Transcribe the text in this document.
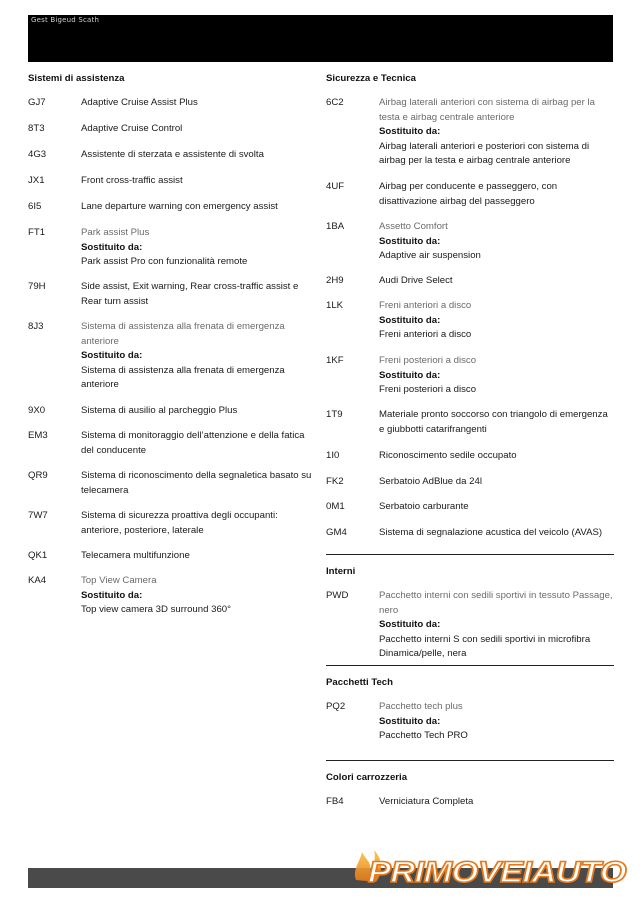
Gest Bigeud Scath
Sistemi di assistenza
GJ7	Adaptive Cruise Assist Plus
8T3	Adaptive Cruise Control
4G3	Assistente di sterzata e assistente di svolta
JX1	Front cross-traffic assist
6I5	Lane departure warning con emergency assist
FT1	Park assist Plus
Sostituito da:
Park assist Pro con funzionalità remote
79H	Side assist, Exit warning, Rear cross-traffic assist e Rear turn assist
8J3	Sistema di assistenza alla frenata di emergenza anteriore
Sostituito da:
Sistema di assistenza alla frenata di emergenza anteriore
9X0	Sistema di ausilio al parcheggio Plus
EM3	Sistema di monitoraggio dell’attenzione e della fatica del conducente
QR9	Sistema di riconoscimento della segnaletica basato su telecamera
7W7	Sistema di sicurezza proattiva degli occupanti: anteriore, posteriore, laterale
QK1	Telecamera multifunzione
KA4	Top View Camera
Sostituito da:
Top view camera 3D surround 360°
Sicurezza e Tecnica
6C2	Airbag laterali anteriori con sistema di airbag per la testa e airbag centrale anteriore
Sostituito da:
Airbag laterali anteriori e posteriori con sistema di airbag per la testa e airbag centrale anteriore
4UF	Airbag per conducente e passeggero, con disattivazione airbag del passeggero
1BA	Assetto Comfort
Sostituito da:
Adaptive air suspension
2H9	Audi Drive Select
1LK	Freni anteriori a disco
Sostituito da:
Freni anteriori a disco
1KF	Freni posteriori a disco
Sostituito da:
Freni posteriori a disco
1T9	Materiale pronto soccorso con triangolo di emergenza e giubbotti catarifrangenti
1I0	Riconoscimento sedile occupato
FK2	Serbatoio AdBlue da 24l
0M1	Serbatoio carburante
GM4	Sistema di segnalazione acustica del veicolo (AVAS)
Interni
PWD	Pacchetto interni con sedili sportivi in tessuto Passage, nero
Sostituito da:
Pacchetto interni S con sedili sportivi in microfibra Dinamica/pelle, nera
Pacchetti Tech
PQ2	Pacchetto tech plus
Sostituito da:
Pacchetto Tech PRO
Colori carrozzeria
FB4	Verniciatura Completa
PRIMOVEIAUTO
